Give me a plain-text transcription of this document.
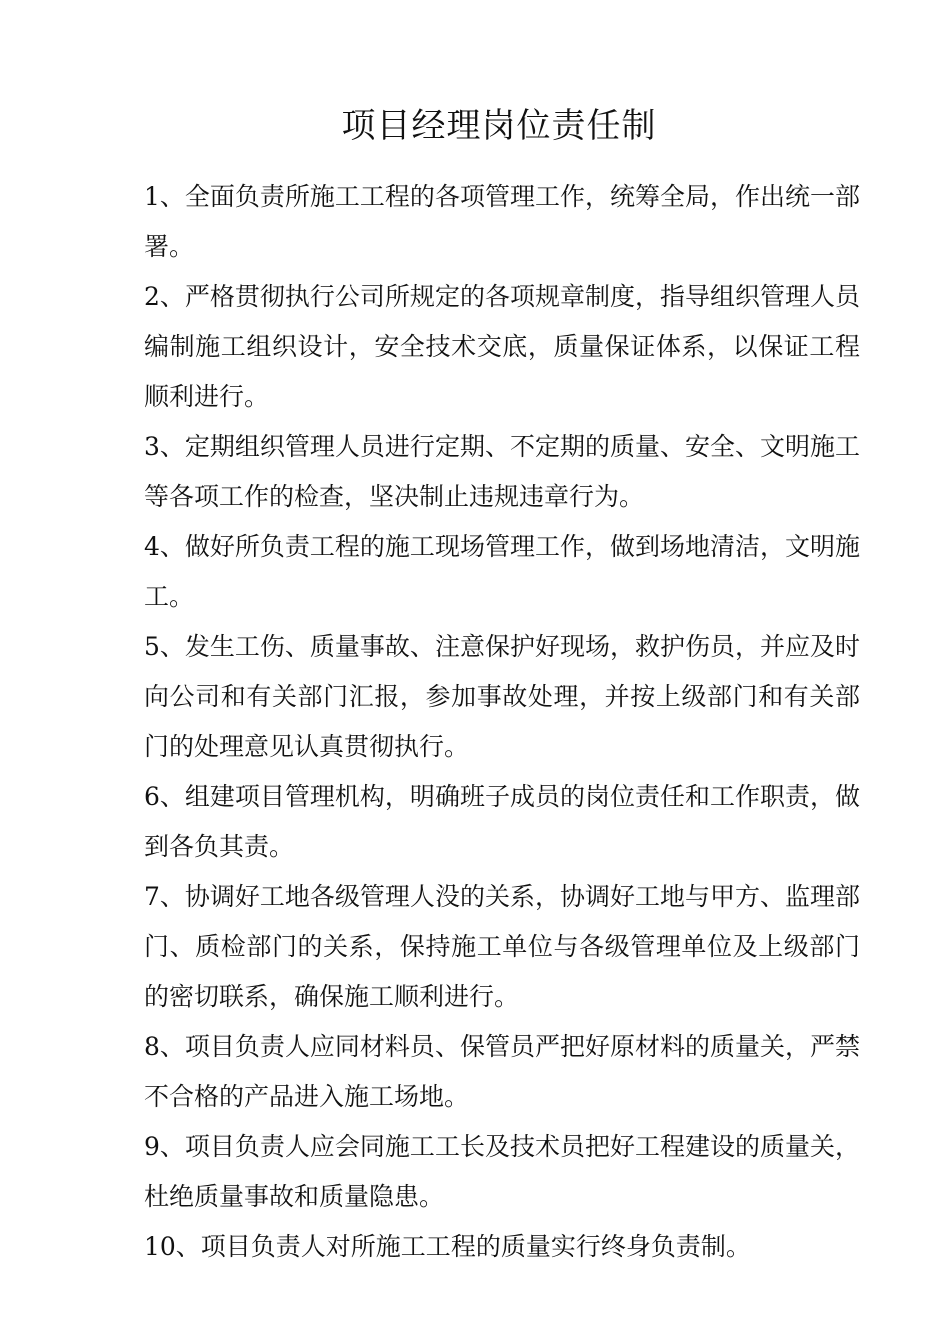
项目经理岗位责任制

1、全面负责所施工工程的各项管理工作，统筹全局，作出统一部署。

2、严格贯彻执行公司所规定的各项规章制度，指导组织管理人员编制施工组织设计，安全技术交底，质量保证体系，以保证工程顺利进行。

3、定期组织管理人员进行定期、不定期的质量、安全、文明施工等各项工作的检查，坚决制止违规违章行为。

4、做好所负责工程的施工现场管理工作，做到场地清洁，文明施工。

5、发生工伤、质量事故、注意保护好现场，救护伤员，并应及时向公司和有关部门汇报，参加事故处理，并按上级部门和有关部门的处理意见认真贯彻执行。

6、组建项目管理机构，明确班子成员的岗位责任和工作职责，做到各负其责。

7、协调好工地各级管理人没的关系，协调好工地与甲方、监理部门、质检部门的关系，保持施工单位与各级管理单位及上级部门的密切联系，确保施工顺利进行。

8、项目负责人应同材料员、保管员严把好原材料的质量关，严禁不合格的产品进入施工场地。

9、项目负责人应会同施工工长及技术员把好工程建设的质量关，杜绝质量事故和质量隐患。

10、项目负责人对所施工工程的质量实行终身负责制。
